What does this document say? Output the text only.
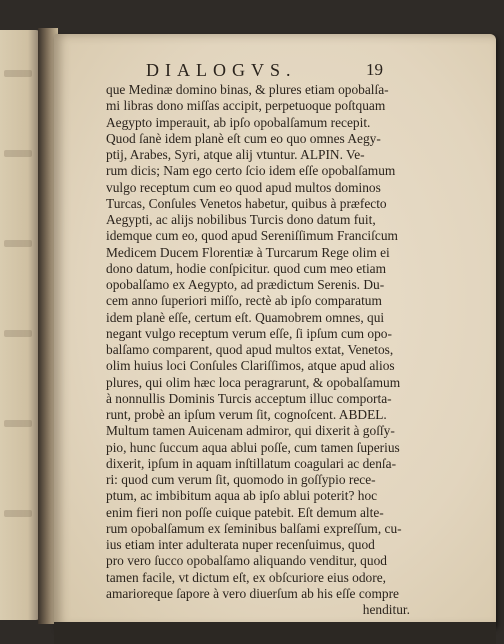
DIALOGVS.	19
que Medinæ domino binas, & plures etiam opobalſa-
mi libras dono miſſas accipit, perpetuoque poſtquam
Aegypto imperauit, ab ipſo opobalſamum recepit.
Quod ſanè idem planè eſt cum eo quo omnes Aegy-
ptij, Arabes, Syri, atque alij vtuntur. ALPIN. Ve-
rum dicis; Nam ego certo ſcio idem eſſe opobalſamum
vulgo receptum cum eo quod apud multos dominos
Turcas, Conſules Venetos habetur, quibus à præfecto
Aegypti, ac alijs nobilibus Turcis dono datum fuit,
idemque cum eo, quod apud Sereniſſimum Franciſcum
Medicem Ducem Florentiæ à Turcarum Rege olim ei
dono datum, hodie conſpicitur. quod cum meo etiam
opobalſamo ex Aegypto, ad prædictum Serenis. Du-
cem anno ſuperiori miſſo, rectè ab ipſo comparatum
idem planè eſſe, certum eſt. Quamobrem omnes, qui
negant vulgo receptum verum eſſe, ſi ipſum cum opo-
balſamo comparent, quod apud multos extat, Venetos,
olim huius loci Conſules Clariſſimos, atque apud alios
plures, qui olim hæc loca peragrarunt, & opobalſamum
à nonnullis Dominis Turcis acceptum illuc comporta-
runt, probè an ipſum verum ſit, cognoſcent. ABDEL.
Multum tamen Auicenam admiror, qui dixerit à goſſy-
pio, hunc ſuccum aqua ablui poſſe, cum tamen ſuperius
dixerit, ipſum in aquam inſtillatum coagulari ac denſa-
ri: quod cum verum ſit, quomodo in goſſypio rece-
ptum, ac imbibitum aqua ab ipſo ablui poterit? hoc
enim fieri non poſſe cuique patebit. Eſt demum alte-
rum opobalſamum ex ſeminibus balſami expreſſum, cu-
ius etiam inter adulterata nuper recenſuimus, quod
pro vero ſucco opobalſamo aliquando venditur, quod
tamen facile, vt dictum eſt, ex obſcuriore eius odore,
amarioreque ſapore à vero diuerſum ab his eſſe compre
henditur.
